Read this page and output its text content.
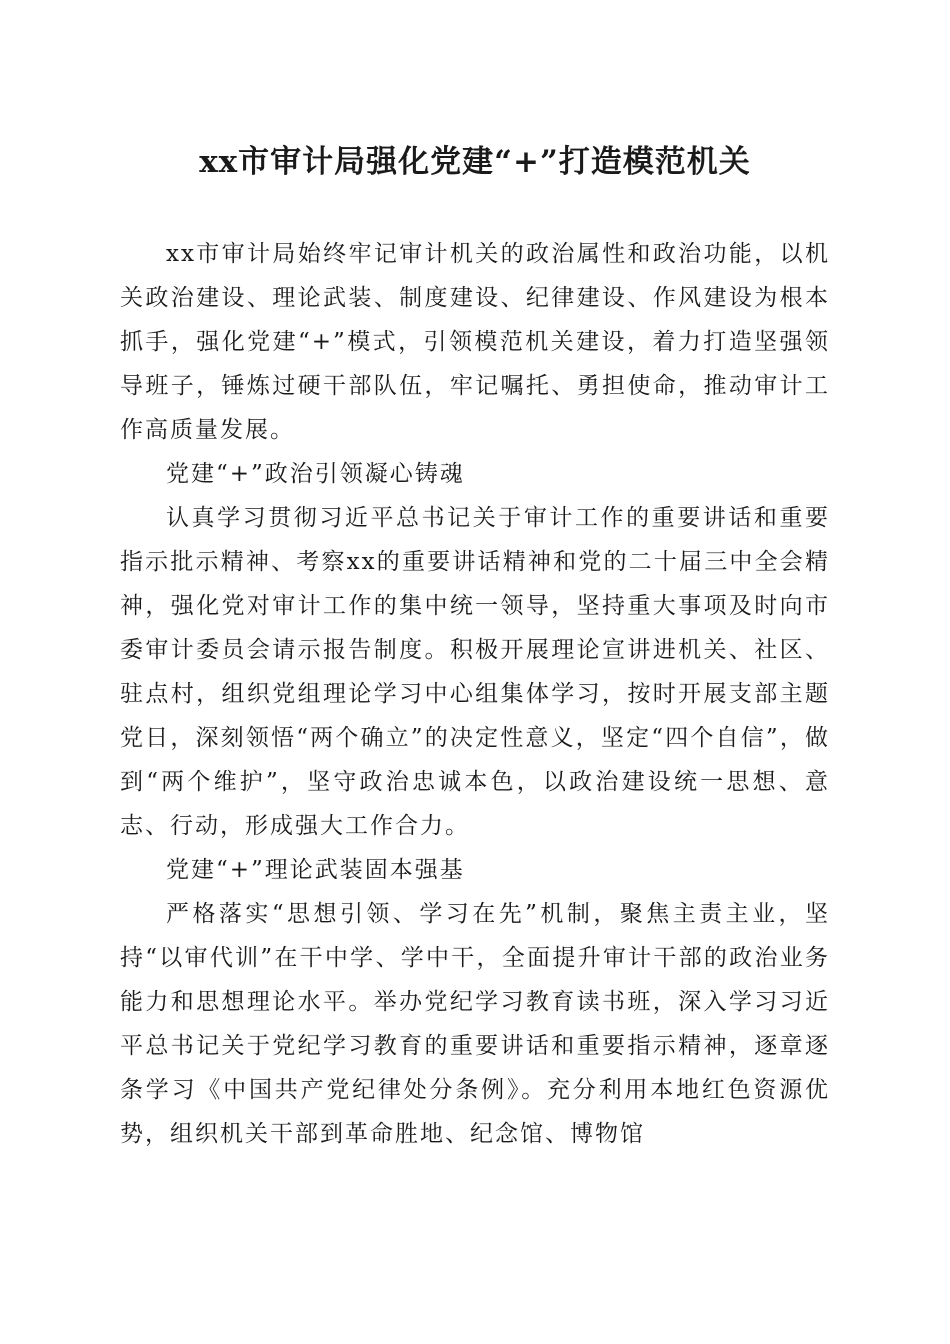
xx市审计局强化党建“+”打造模范机关

xx市审计局始终牢记审计机关的政治属性和政治功能，以机关政治建设、理论武装、制度建设、纪律建设、作风建设为根本抓手，强化党建“+”模式，引领模范机关建设，着力打造坚强领导班子，锤炼过硬干部队伍，牢记嘱托、勇担使命，推动审计工作高质量发展。

党建“+”政治引领凝心铸魂

认真学习贯彻习近平总书记关于审计工作的重要讲话和重要指示批示精神、考察xx的重要讲话精神和党的二十届三中全会精神，强化党对审计工作的集中统一领导，坚持重大事项及时向市委审计委员会请示报告制度。积极开展理论宣讲进机关、社区、驻点村，组织党组理论学习中心组集体学习，按时开展支部主题党日，深刻领悟“两个确立”的决定性意义，坚定“四个自信”，做到“两个维护”，坚守政治忠诚本色，以政治建设统一思想、意志、行动，形成强大工作合力。

党建“+”理论武装固本强基

严格落实“思想引领、学习在先”机制，聚焦主责主业，坚持“以审代训”在干中学、学中干，全面提升审计干部的政治业务能力和思想理论水平。举办党纪学习教育读书班，深入学习习近平总书记关于党纪学习教育的重要讲话和重要指示精神，逐章逐条学习《中国共产党纪律处分条例》。充分利用本地红色资源优势，组织机关干部到革命胜地、纪念馆、博物馆
